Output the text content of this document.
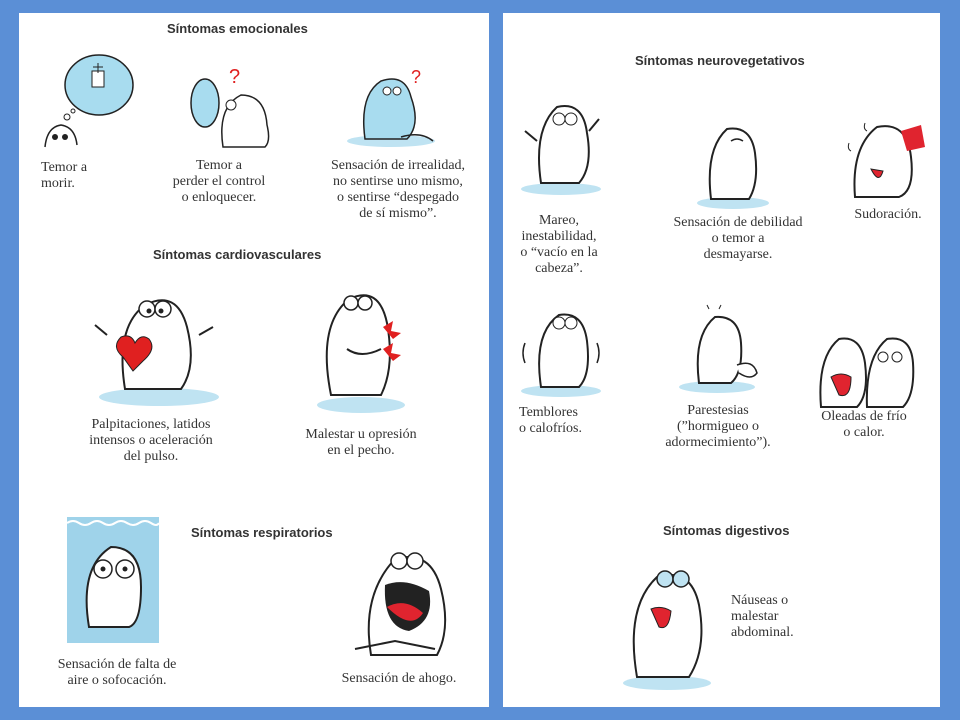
Síntomas emocionales
Temor a
morir.
?
Temor a
perder el control
o enloquecer.
?
Sensación de irrealidad,
no sentirse uno mismo,
o sentirse “despegado
de sí mismo”.
Síntomas cardiovasculares
Palpitaciones, latidos
intensos o aceleración
del pulso.
Malestar u opresión
en el pecho.
Síntomas respiratorios
Sensación de falta de
aire o sofocación.	Sensación de ahogo.
Síntomas neurovegetativos
Mareo,
inestabilidad,
o “vacío en la
cabeza”.
Sensación de debilidad
o temor a
desmayarse.
Sudoración.
Temblores
o calofríos.
Parestesias
(”hormigueo o
adormecimiento”).
Oleadas de frío
o calor.
Síntomas digestivos
Náuseas o
malestar
abdominal.
